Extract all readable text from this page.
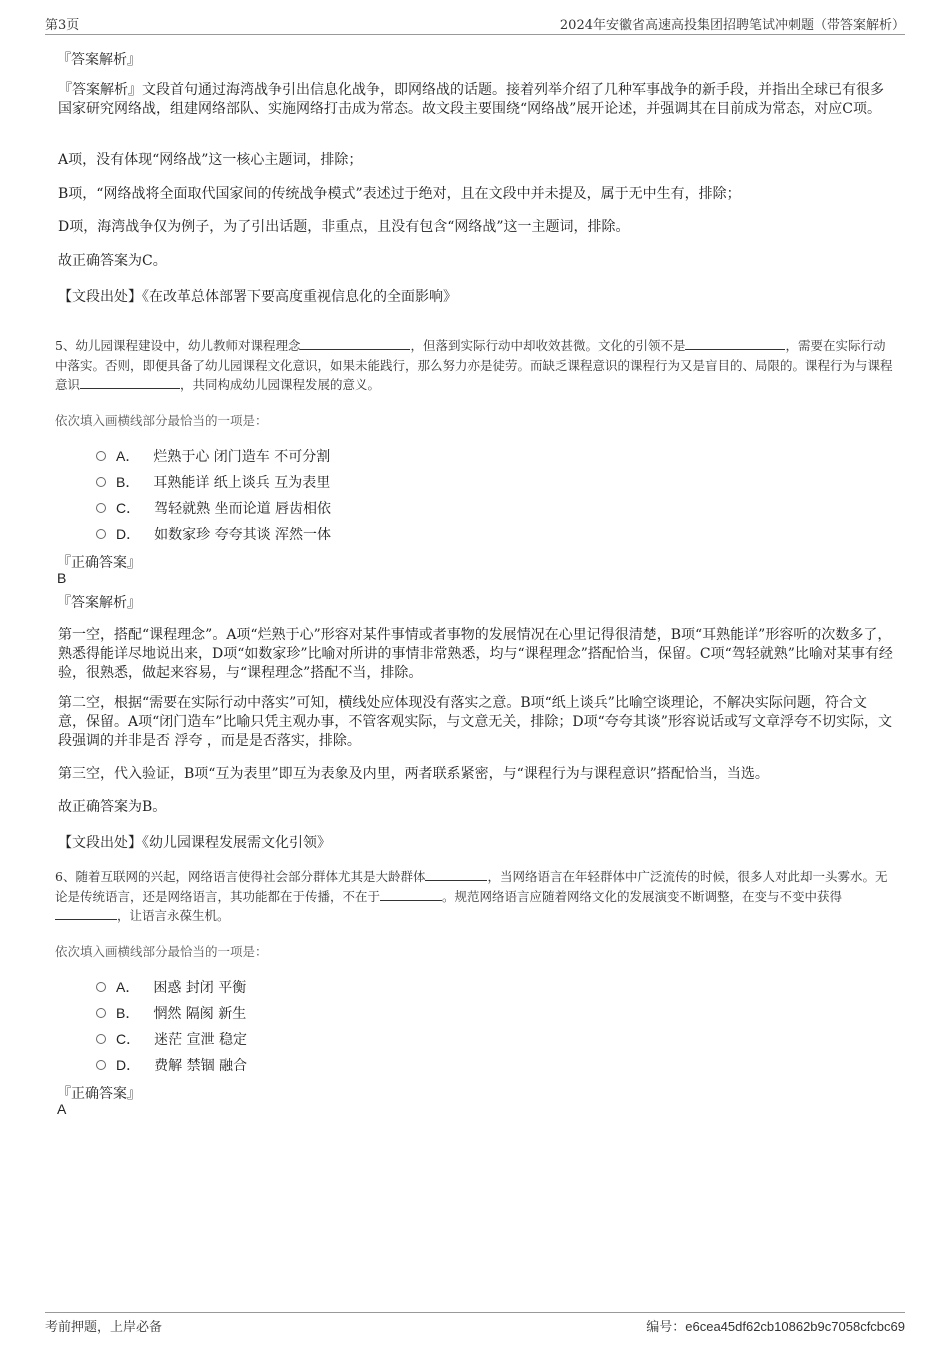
第3页	2024年安徽省高速高投集团招聘笔试冲刺题（带答案解析）
『答案解析』
『答案解析』文段首句通过海湾战争引出信息化战争，即网络战的话题。接着列举介绍了几种军事战争的新手段，并指出全球已有很多国家研究网络战，组建网络部队、实施网络打击成为常态。故文段主要围绕“网络战”展开论述，并强调其在目前成为常态，对应C项。
A项，没有体现“网络战”这一核心主题词，排除；
B项，“网络战将全面取代国家间的传统战争模式”表述过于绝对，且在文段中并未提及，属于无中生有，排除；
D项，海湾战争仅为例子，为了引出话题，非重点，且没有包含“网络战”这一主题词，排除。
故正确答案为C。
【文段出处】《在改革总体部署下要高度重视信息化的全面影响》
5、幼儿园课程建设中，幼儿教师对课程理念	，但落到实际行动中却收效甚微。文化的引领不是	，需要在实际行动中落实。否则，即便具备了幼儿园课程文化意识，如果未能践行，那么努力亦是徒劳。而缺乏课程意识的课程行为又是盲目的、局限的。课程行为与课程意识	，共同构成幼儿园课程发展的意义。
依次填入画横线部分最恰当的一项是：
A． 烂熟于心 闭门造车 不可分割
B． 耳熟能详 纸上谈兵 互为表里
C． 驾轻就熟 坐而论道 唇齿相依
D． 如数家珍 夸夸其谈 浑然一体
『正确答案』
B
『答案解析』
第一空，搭配“课程理念”。A项“烂熟于心”形容对某件事情或者事物的发展情况在心里记得很清楚，B项“耳熟能详”形容听的次数多了，熟悉得能详尽地说出来，D项“如数家珍”比喻对所讲的事情非常熟悉，均与“课程理念”搭配恰当，保留。C项“驾轻就熟”比喻对某事有经验，很熟悉，做起来容易，与“课程理念”搭配不当，排除。
第二空，根据“需要在实际行动中落实”可知，横线处应体现没有落实之意。B项“纸上谈兵”比喻空谈理论，不解决实际问题，符合文意，保留。A项“闭门造车”比喻只凭主观办事，不管客观实际，与文意无关，排除；D项“夸夸其谈”形容说话或写文章浮夸不切实际，文段强调的并非是否 浮夸 ，而是是否落实，排除。
第三空，代入验证，B项“互为表里”即互为表象及内里，两者联系紧密，与“课程行为与课程意识”搭配恰当，当选。
故正确答案为B。
【文段出处】《幼儿园课程发展需文化引领》
6、随着互联网的兴起，网络语言使得社会部分群体尤其是大龄群体	，当网络语言在年轻群体中广泛流传的时候，很多人对此却一头雾水。无论是传统语言，还是网络语言，其功能都在于传播，不在于	。规范网络语言应随着网络文化的发展演变不断调整，在变与不变中获得，让语言永葆生机。
依次填入画横线部分最恰当的一项是：
A． 困惑 封闭 平衡
B． 惘然 隔阂 新生
C． 迷茫 宣泄 稳定
D． 费解 禁锢 融合
『正确答案』
A
考前押题，上岸必备	编号：e6cea45df62cb10862b9c7058cfcbc69
